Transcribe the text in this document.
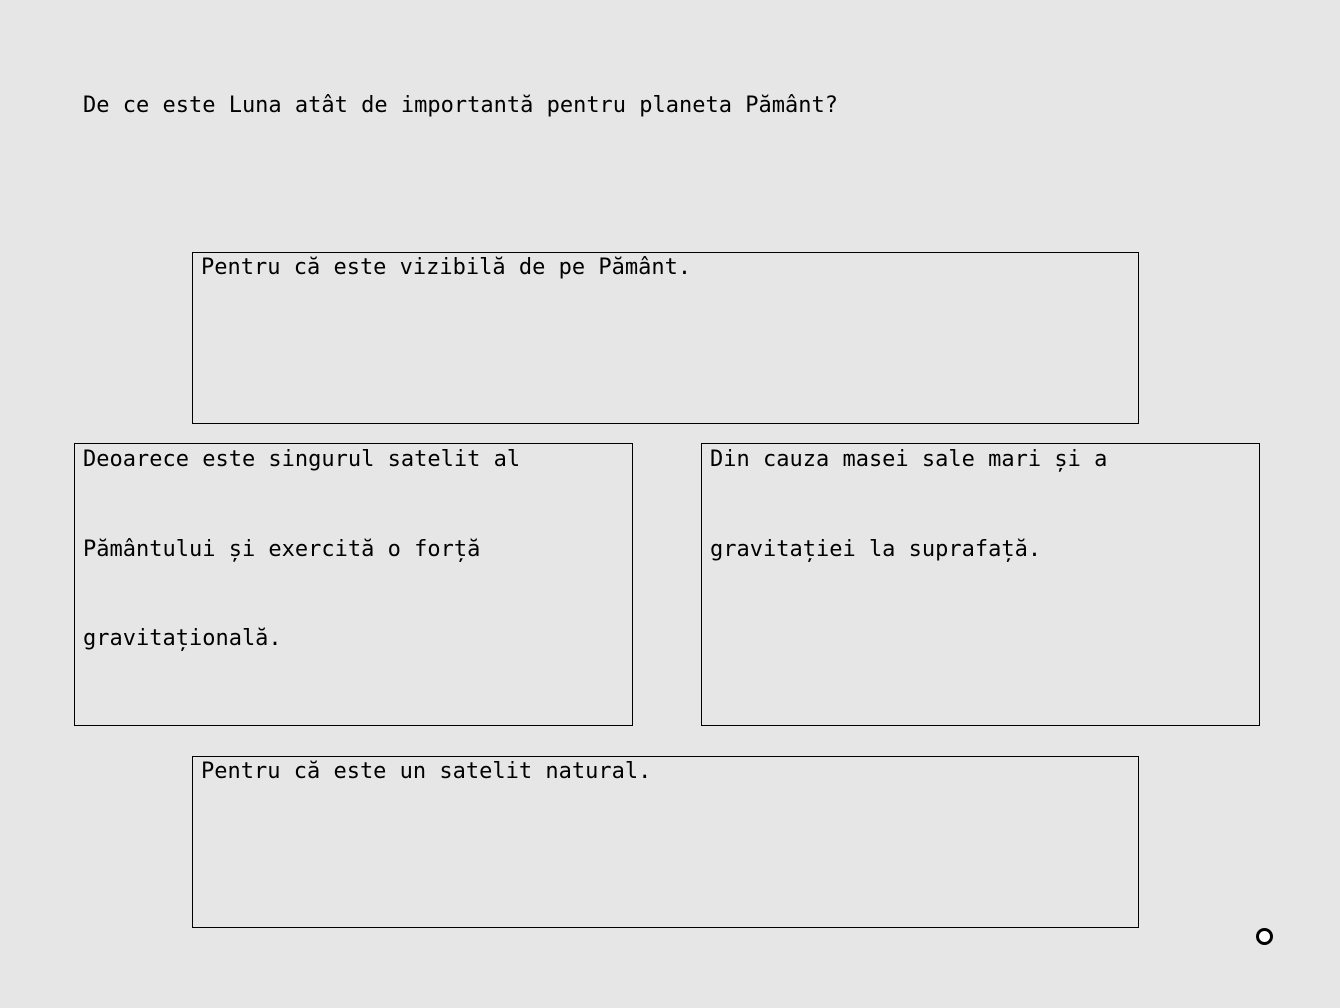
De ce este Luna atât de importantă pentru planeta Pământ?
Pentru că este vizibilă de pe Pământ.
Deoarece este singurul satelit al
Pământului și exercită o forță
gravitațională.
Din cauza masei sale mari și a
gravitației la suprafață.
Pentru că este un satelit natural.
